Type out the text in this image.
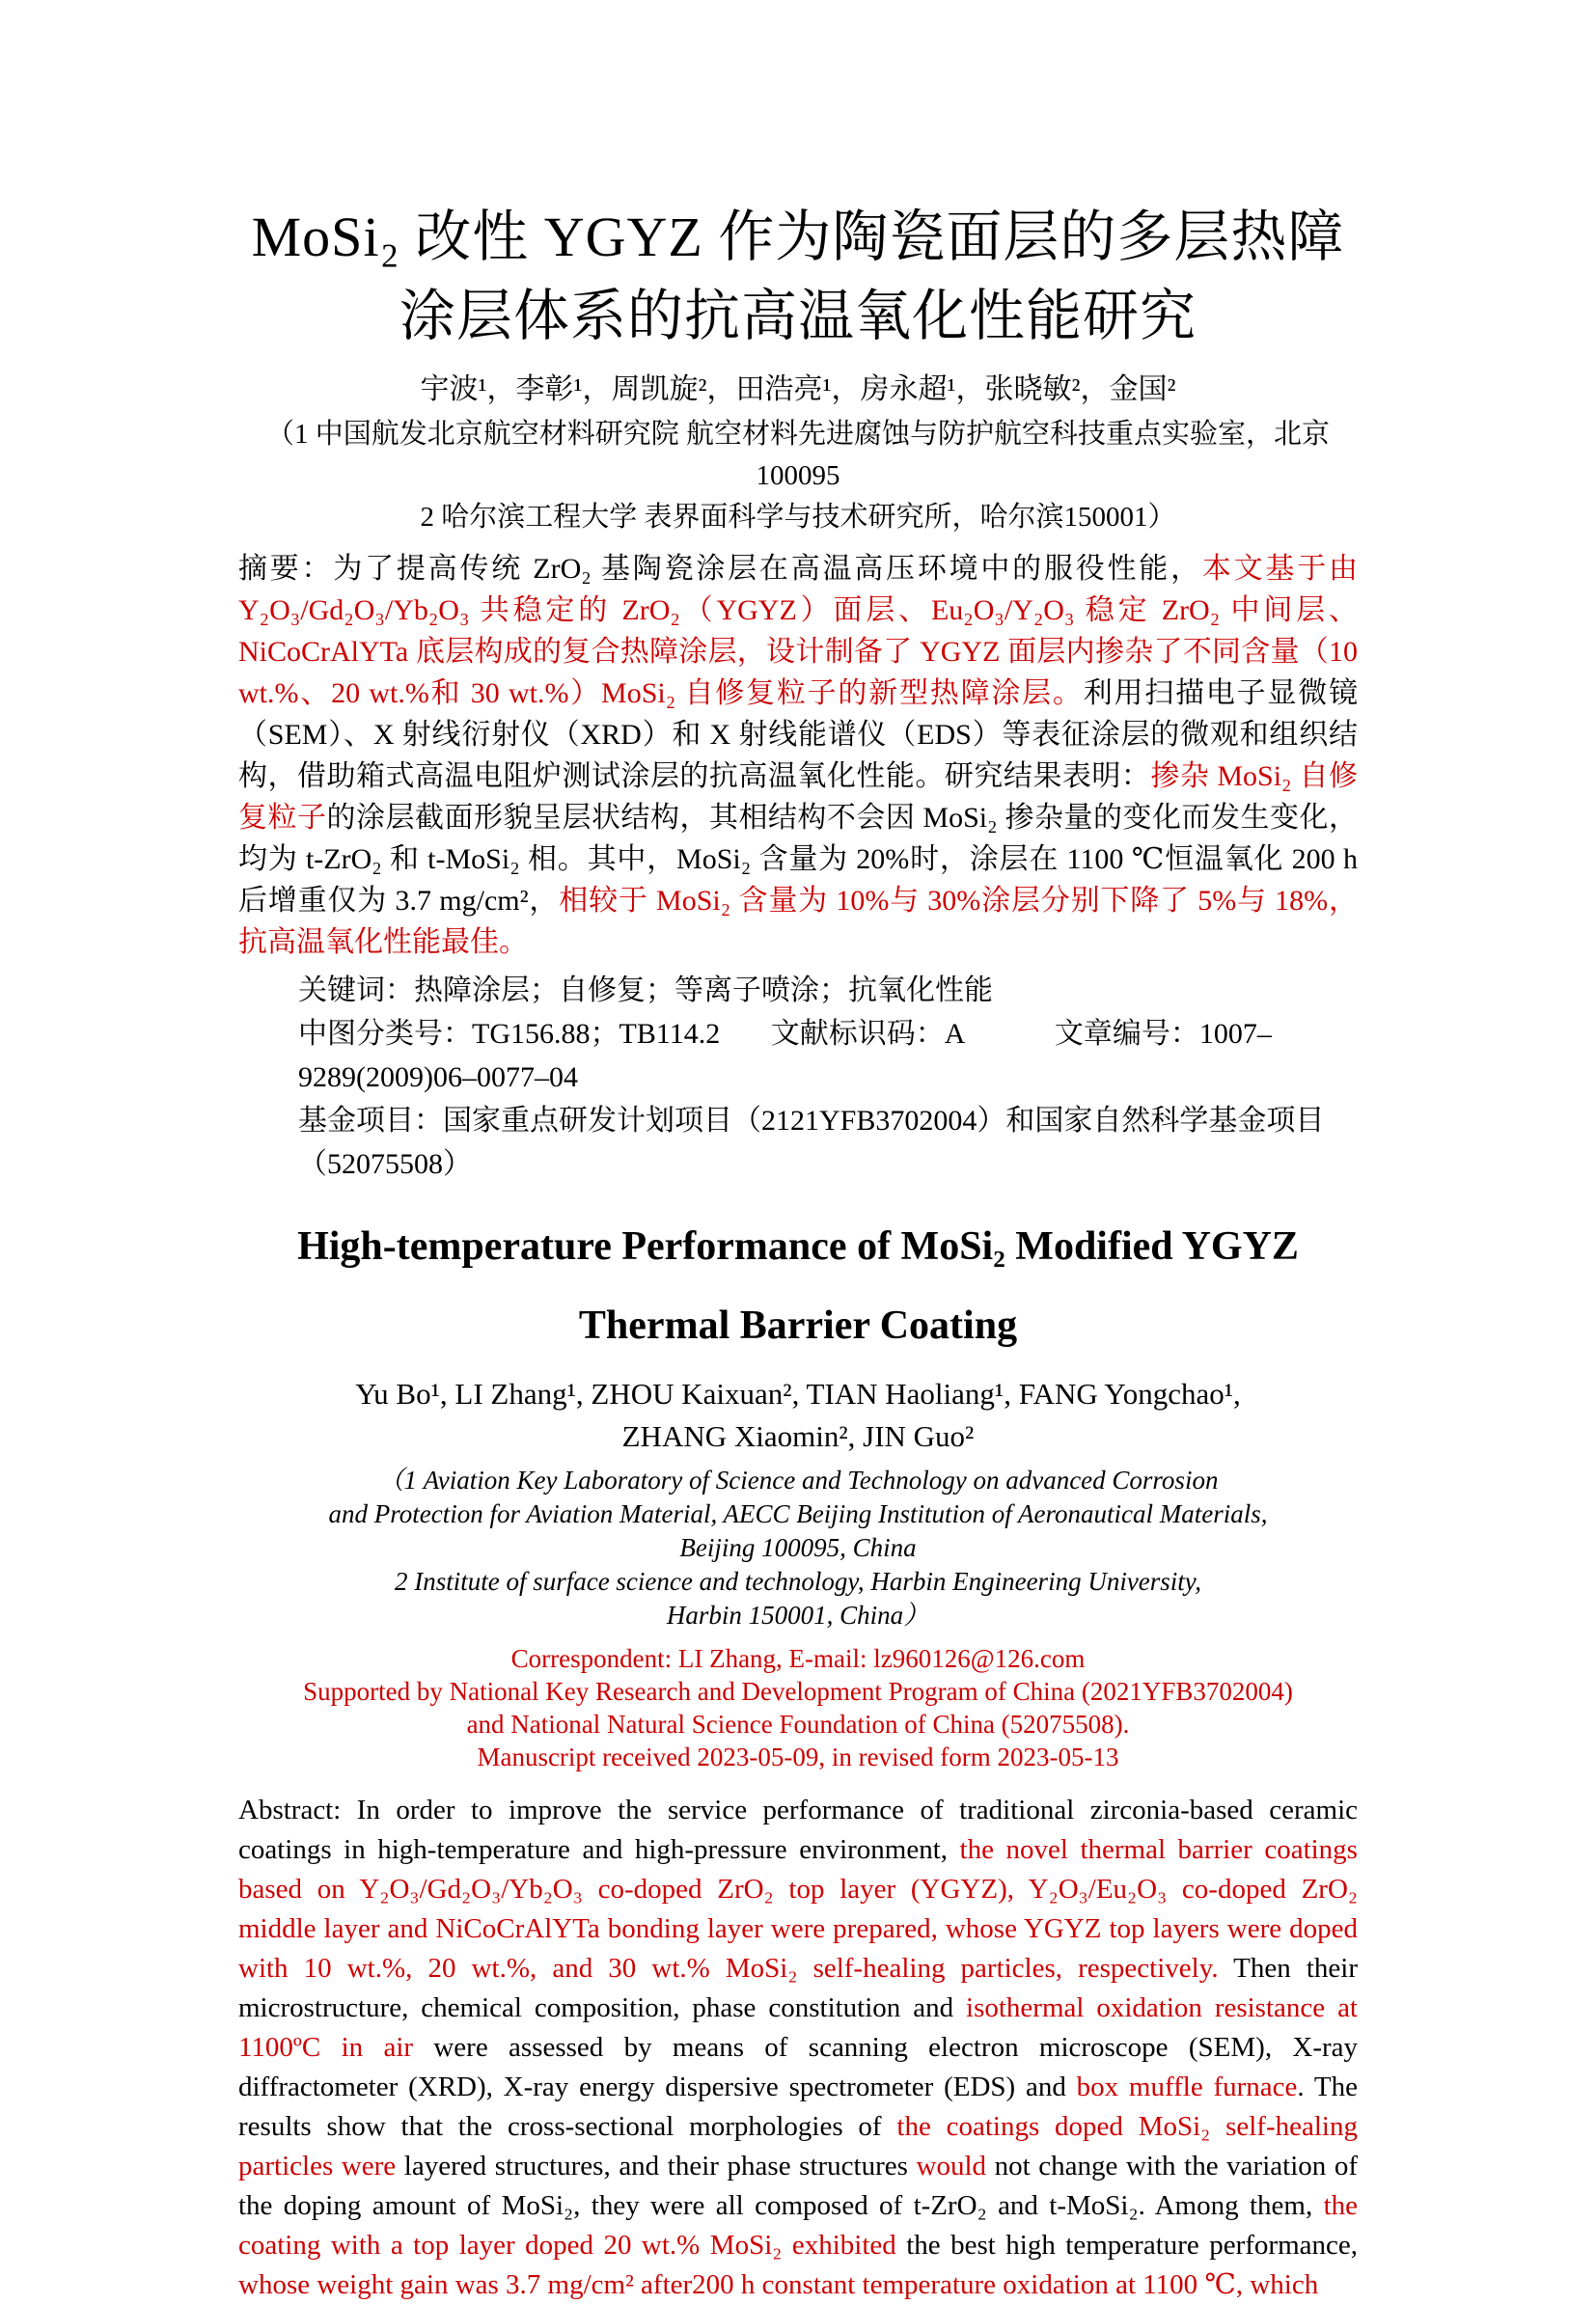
MoSi₂ 改性 YGYZ 作为陶瓷面层的多层热障
涂层体系的抗高温氧化性能研究
宇波¹，李彰¹，周凯旋²，田浩亮¹，房永超¹，张晓敏²，金国²
（1 中国航发北京航空材料研究院 航空材料先进腐蚀与防护航空科技重点实验室，北京 100095
2 哈尔滨工程大学 表界面科学与技术研究所，哈尔滨150001）
摘要：为了提高传统 ZrO₂ 基陶瓷涂层在高温高压环境中的服役性能，本文基于由 Y₂O₃/Gd₂O₃/Yb₂O₃ 共稳定的 ZrO₂（YGYZ）面层、Eu₂O₃/Y₂O₃ 稳定 ZrO₂ 中间层、NiCoCrAlYTa 底层构成的复合热障涂层，设计制备了 YGYZ 面层内掺杂了不同含量（10 wt.%、20 wt.%和 30 wt.%）MoSi₂ 自修复粒子的新型热障涂层。利用扫描电子显微镜（SEM）、X 射线衍射仪（XRD）和 X 射线能谱仪（EDS）等表征涂层的微观和组织结构，借助箱式高温电阻炉测试涂层的抗高温氧化性能。研究结果表明：掺杂 MoSi₂ 自修复粒子的涂层截面形貌呈层状结构，其相结构不会因 MoSi₂ 掺杂量的变化而发生变化，均为 t-ZrO₂ 和 t-MoSi₂ 相。其中，MoSi₂ 含量为 20%时，涂层在 1100 ℃恒温氧化 200 h 后增重仅为 3.7 mg/cm²，相较于 MoSi₂ 含量为 10%与 30%涂层分别下降了 5%与 18%，抗高温氧化性能最佳。
关键词：热障涂层；自修复；等离子喷涂；抗氧化性能
中图分类号：TG156.88；TB114.2 文献标识码：A	文章编号：1007–9289(2009)06–0077–04
基金项目：国家重点研发计划项目（2121YFB3702004）和国家自然科学基金项目（52075508）
High-temperature Performance of MoSi₂ Modified YGYZ
Thermal Barrier Coating
Yu Bo¹, LI Zhang¹, ZHOU Kaixuan², TIAN Haoliang¹, FANG Yongchao¹,
ZHANG Xiaomin², JIN Guo²
（1 Aviation Key Laboratory of Science and Technology on advanced Corrosion
and Protection for Aviation Material, AECC Beijing Institution of Aeronautical Materials,
Beijing 100095, China
2 Institute of surface science and technology, Harbin Engineering University,
Harbin 150001, China）
Correspondent: LI Zhang, E-mail: lz960126@126.com
Supported by National Key Research and Development Program of China (2021YFB3702004)
and National Natural Science Foundation of China (52075508).
Manuscript received 2023-05-09, in revised form 2023-05-13
Abstract: In order to improve the service performance of traditional zirconia-based ceramic coatings in high-temperature and high-pressure environment, the novel thermal barrier coatings based on Y₂O₃/Gd₂O₃/Yb₂O₃ co-doped ZrO₂ top layer (YGYZ), Y₂O₃/Eu₂O₃ co-doped ZrO₂ middle layer and NiCoCrAlYTa bonding layer were prepared, whose YGYZ top layers were doped with 10 wt.%, 20 wt.%, and 30 wt.% MoSi₂ self-healing particles, respectively. Then their microstructure, chemical composition, phase constitution and isothermal oxidation resistance at 1100ºC in air were assessed by means of scanning electron microscope (SEM), X-ray diffractometer (XRD), X-ray energy dispersive spectrometer (EDS) and box muffle furnace. The results show that the cross-sectional morphologies of the coatings doped MoSi₂ self-healing particles were layered structures, and their phase structures would not change with the variation of the doping amount of MoSi₂, they were all composed of t-ZrO₂ and t-MoSi₂. Among them, the coating with a top layer doped 20 wt.% MoSi₂ exhibited the best high temperature performance, whose weight gain was 3.7 mg/cm² after200 h constant temperature oxidation at 1100 ℃, which
